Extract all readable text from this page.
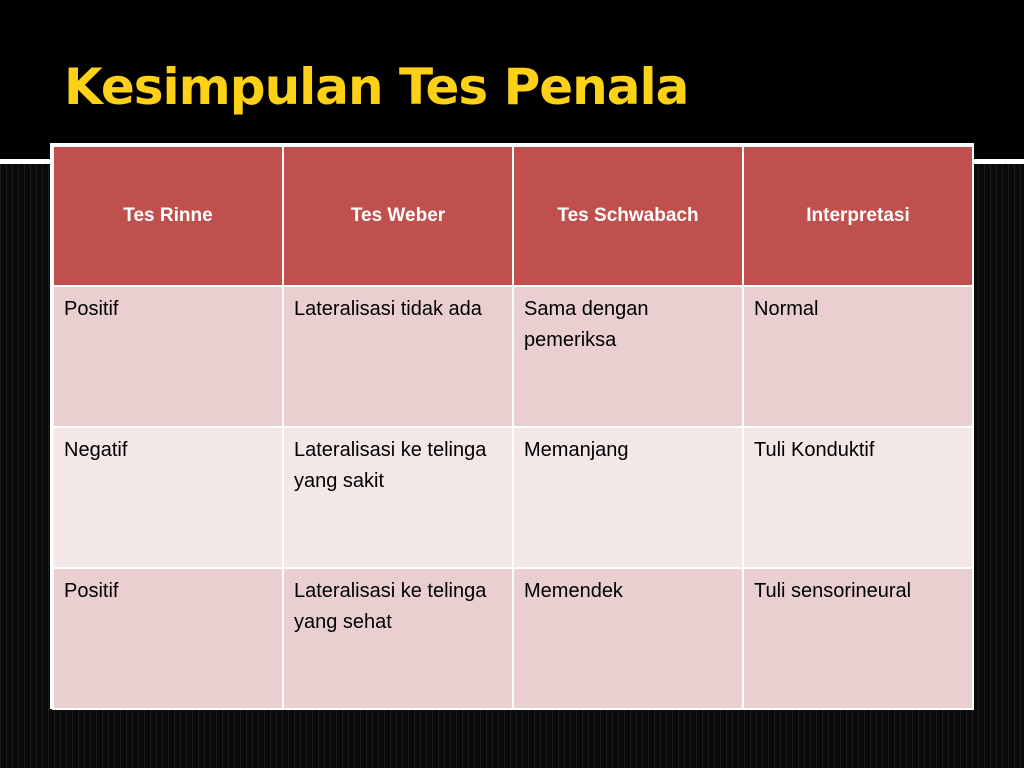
Kesimpulan Tes Penala
Tes Rinne	Tes Weber	Tes Schwabach	Interpretasi
Positif	Lateralisasi tidak ada	Sama dengan pemeriksa	Normal
Negatif	Lateralisasi ke telinga yang sakit	Memanjang	Tuli Konduktif
Positif	Lateralisasi ke telinga yang sehat	Memendek	Tuli sensorineural
